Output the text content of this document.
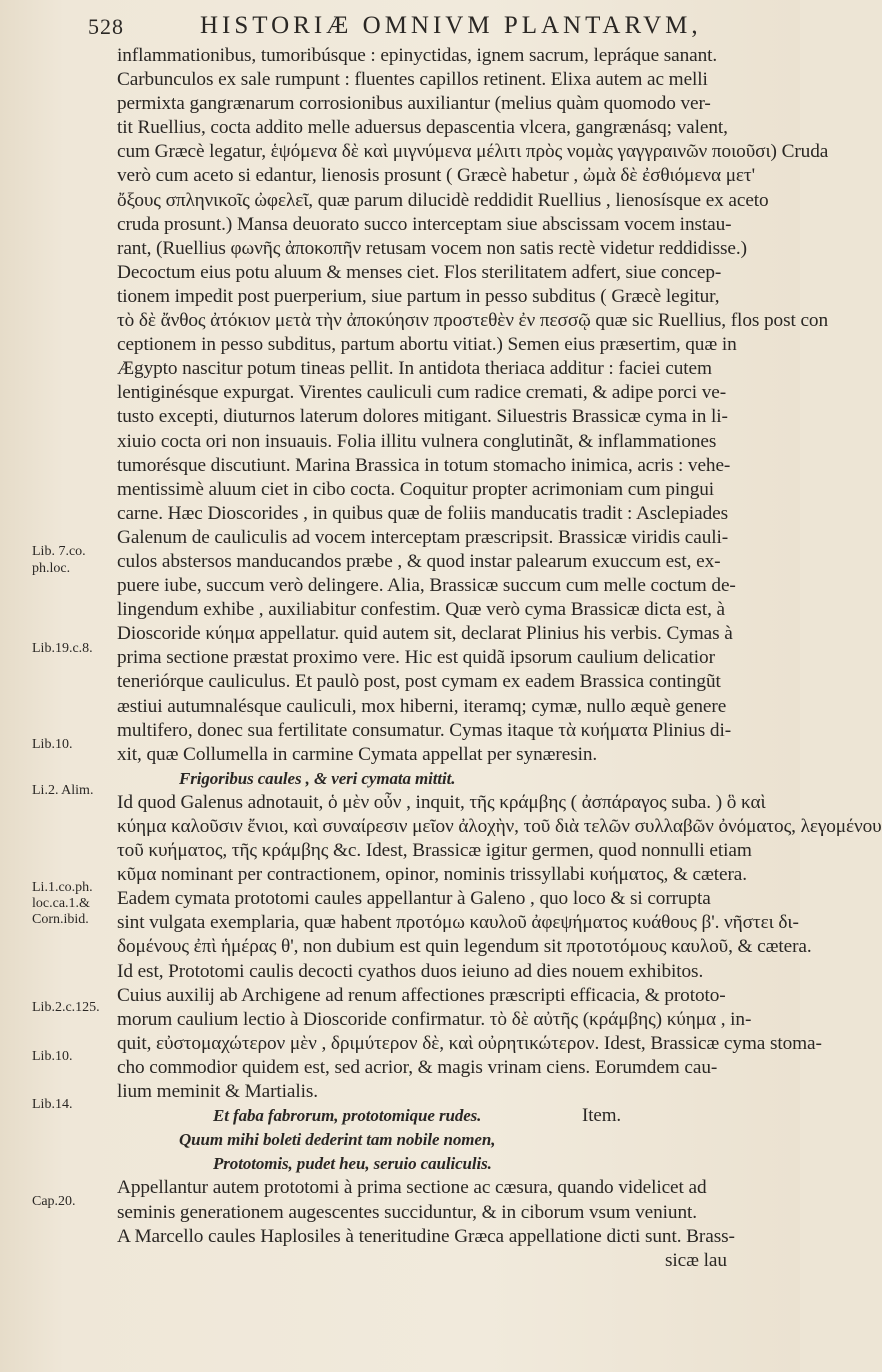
528	HISTORIÆ OMNIVM PLANTARVM,
Lib. 7.co.
ph.loc.
Lib.19.c.8.
Lib.10.
Li.2. Alim.
Li.1.co.ph.
loc.ca.1.&
Corn.ibid.
Lib.2.c.125.
Lib.10.
Lib.14.
Cap.20.
inflammationibus, tumoribúsque : epinyctidas, ignem sacrum, lepráque sanant.
Carbunculos ex sale rumpunt : fluentes capillos retinent. Elixa autem ac melli
permixta gangrænarum corrosionibus auxiliantur (melius quàm quomodo ver-
tit Ruellius, cocta addito melle aduersus depascentia vlcera, gangrænásq; valent,
cum Græcè legatur, ἑψόμενα δὲ καὶ μιγνύμενα μέλιτι πρὸς νομὰς γαγγραινῶν ποιοῦσι) Cruda
verò cum aceto si edantur, lienosis prosunt ( Græcè habetur , ὠμὰ δὲ ἐσθιόμενα μετ'
ὄξους σπληνικοῖς ὠφελεῖ, quæ parum dilucidè reddidit Ruellius , lienosísque ex aceto
cruda prosunt.) Mansa deuorato succo interceptam siue abscissam vocem instau-
rant, (Ruellius φωνῆς ἀποκοπῆν retusam vocem non satis rectè videtur reddidisse.)
Decoctum eius potu aluum & menses ciet. Flos sterilitatem adfert, siue concep-
tionem impedit post puerperium, siue partum in pesso subditus ( Græcè legitur,
τὸ δὲ ἄνθος ἀτόκιον μετὰ τὴν ἀποκύησιν προστεθὲν ἐν πεσσῷ quæ sic Ruellius, flos post con
ceptionem in pesso subditus, partum abortu vitiat.) Semen eius præsertim, quæ in
Ægypto nascitur potum tineas pellit. In antidota theriaca additur : faciei cutem
lentiginésque expurgat. Virentes cauliculi cum radice cremati, & adipe porci ve-
tusto excepti, diuturnos laterum dolores mitigant. Siluestris Brassicæ cyma in li-
xiuio cocta ori non insuauis. Folia illitu vulnera conglutinãt, & inflammationes
tumorésque discutiunt. Marina Brassica in totum stomacho inimica, acris : vehe-
mentissimè aluum ciet in cibo cocta. Coquitur propter acrimoniam cum pingui
carne. Hæc Dioscorides , in quibus quæ de foliis manducatis tradit : Asclepiades
Galenum de cauliculis ad vocem interceptam præscripsit. Brassicæ viridis cauli-
culos abstersos manducandos præbe , & quod instar palearum exuccum est, ex-
puere iube, succum verò delingere. Alia, Brassicæ succum cum melle coctum de-
lingendum exhibe , auxiliabitur confestim. Quæ verò cyma Brassicæ dicta est, à
Dioscoride κύημα appellatur. quid autem sit, declarat Plinius his verbis. Cymas à
prima sectione præstat proximo vere. Hic est quidã ipsorum caulium delicatior
teneriórque cauliculus. Et paulò post, post cymam ex eadem Brassica contingũt
æstiui autumnalésque cauliculi, mox hiberni, iteramq; cymæ, nullo æquè genere
multifero, donec sua fertilitate consumatur. Cymas itaque τὰ κυήματα Plinius di-
xit, quæ Collumella in carmine Cymata appellat per synæresin.
Frigoribus caules , & veri cymata mittit.
Id quod Galenus adnotauit, ὁ μὲν οὖν , inquit, τῆς κράμβης ( ἀσπάραγος suba. ) ὃ καὶ
κύημα καλοῦσιν ἔνιοι, καὶ συναίρεσιν μεῖον ἀλοχὴν, τοῦ διὰ τελῶν συλλαβῶν ὀνόματος, λεγομένου
τοῦ κυήματος, τῆς κράμβης &c. Idest, Brassicæ igitur germen, quod nonnulli etiam
κῦμα nominant per contractionem, opinor, nominis trissyllabi κυήματος, & cætera.
Eadem cymata prototomi caules appellantur à Galeno , quo loco & si corrupta
sint vulgata exemplaria, quæ habent προτόμω καυλοῦ ἀφεψήματος κυάθους β'. νῆστει δι-
δομένους ἐπὶ ἡμέρας θ', non dubium est quin legendum sit προτοτόμους καυλοῦ, & cætera.
Id est, Prototomi caulis decocti cyathos duos ieiuno ad dies nouem exhibitos.
Cuius auxilij ab Archigene ad renum affectiones præscripti efficacia, & prototo-
morum caulium lectio à Dioscoride confirmatur. τὸ δὲ αὐτῆς (κράμβης) κύημα , in-
quit, εὐστομαχώτερον μὲν , δριμύτερον δὲ, καὶ οὐρητικώτερον. Idest, Brassicæ cyma stoma-
cho commodior quidem est, sed acrior, & magis vrinam ciens. Eorumdem cau-
lium meminit & Martialis.
Et faba fabrorum, prototomique rudes.	Item.
Quum mihi boleti dederint tam nobile nomen,
Prototomis, pudet heu, seruio cauliculis.
Appellantur autem prototomi à prima sectione ac cæsura, quando videlicet ad
seminis generationem augescentes succiduntur, & in ciborum vsum veniunt.
A Marcello caules Haplosiles à teneritudine Græca appellatione dicti sunt. Brass-
sicæ lau
